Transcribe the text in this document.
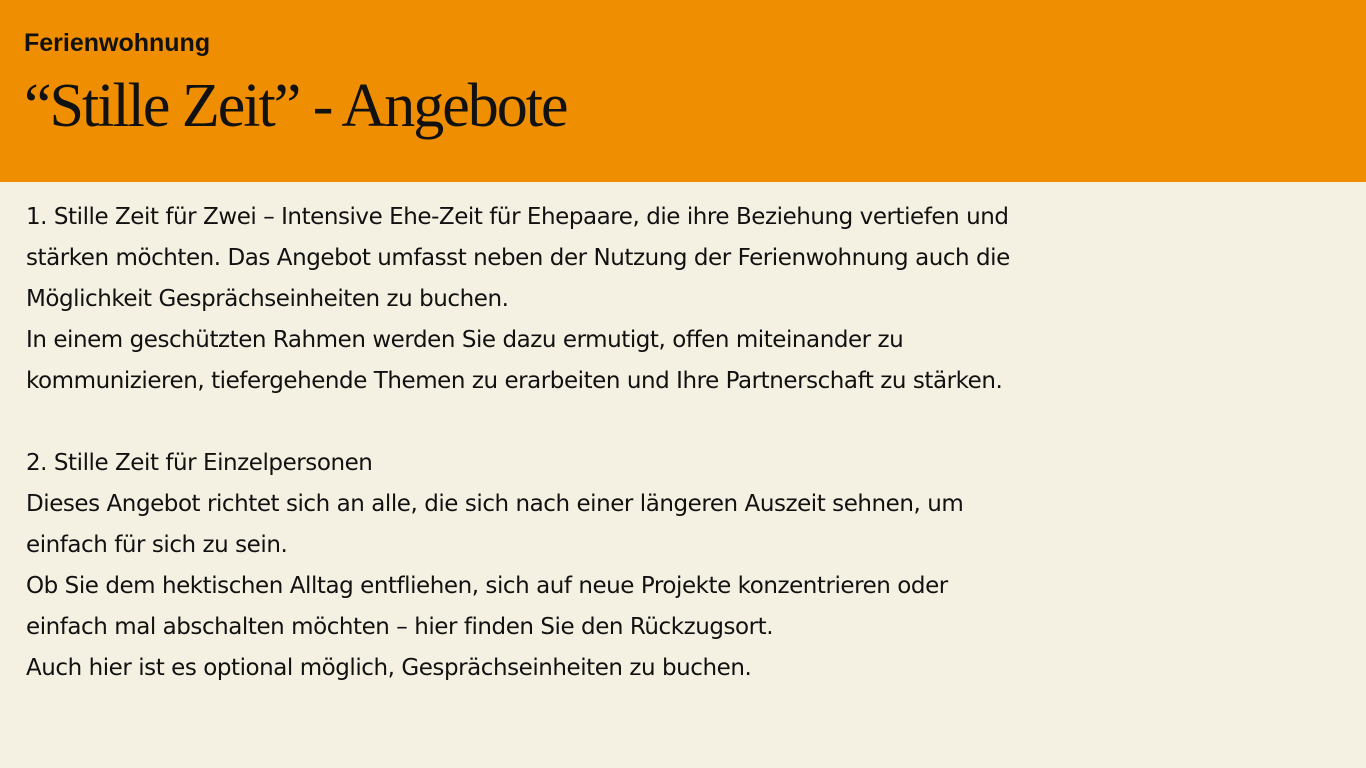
Ferienwohnung

“Stille Zeit” - Angebote
1. Stille Zeit für Zwei – Intensive Ehe-Zeit für Ehepaare, die ihre Beziehung vertiefen und
stärken möchten. Das Angebot umfasst neben der Nutzung der Ferienwohnung auch die
Möglichkeit Gesprächseinheiten zu buchen.
In einem geschützten Rahmen werden Sie dazu ermutigt, offen miteinander zu
kommunizieren, tiefergehende Themen zu erarbeiten und Ihre Partnerschaft zu stärken.
2. Stille Zeit für Einzelpersonen
Dieses Angebot richtet sich an alle, die sich nach einer längeren Auszeit sehnen, um
einfach für sich zu sein.
Ob Sie dem hektischen Alltag entfliehen, sich auf neue Projekte konzentrieren oder
einfach mal abschalten möchten – hier finden Sie den Rückzugsort.
Auch hier ist es optional möglich, Gesprächseinheiten zu buchen.
